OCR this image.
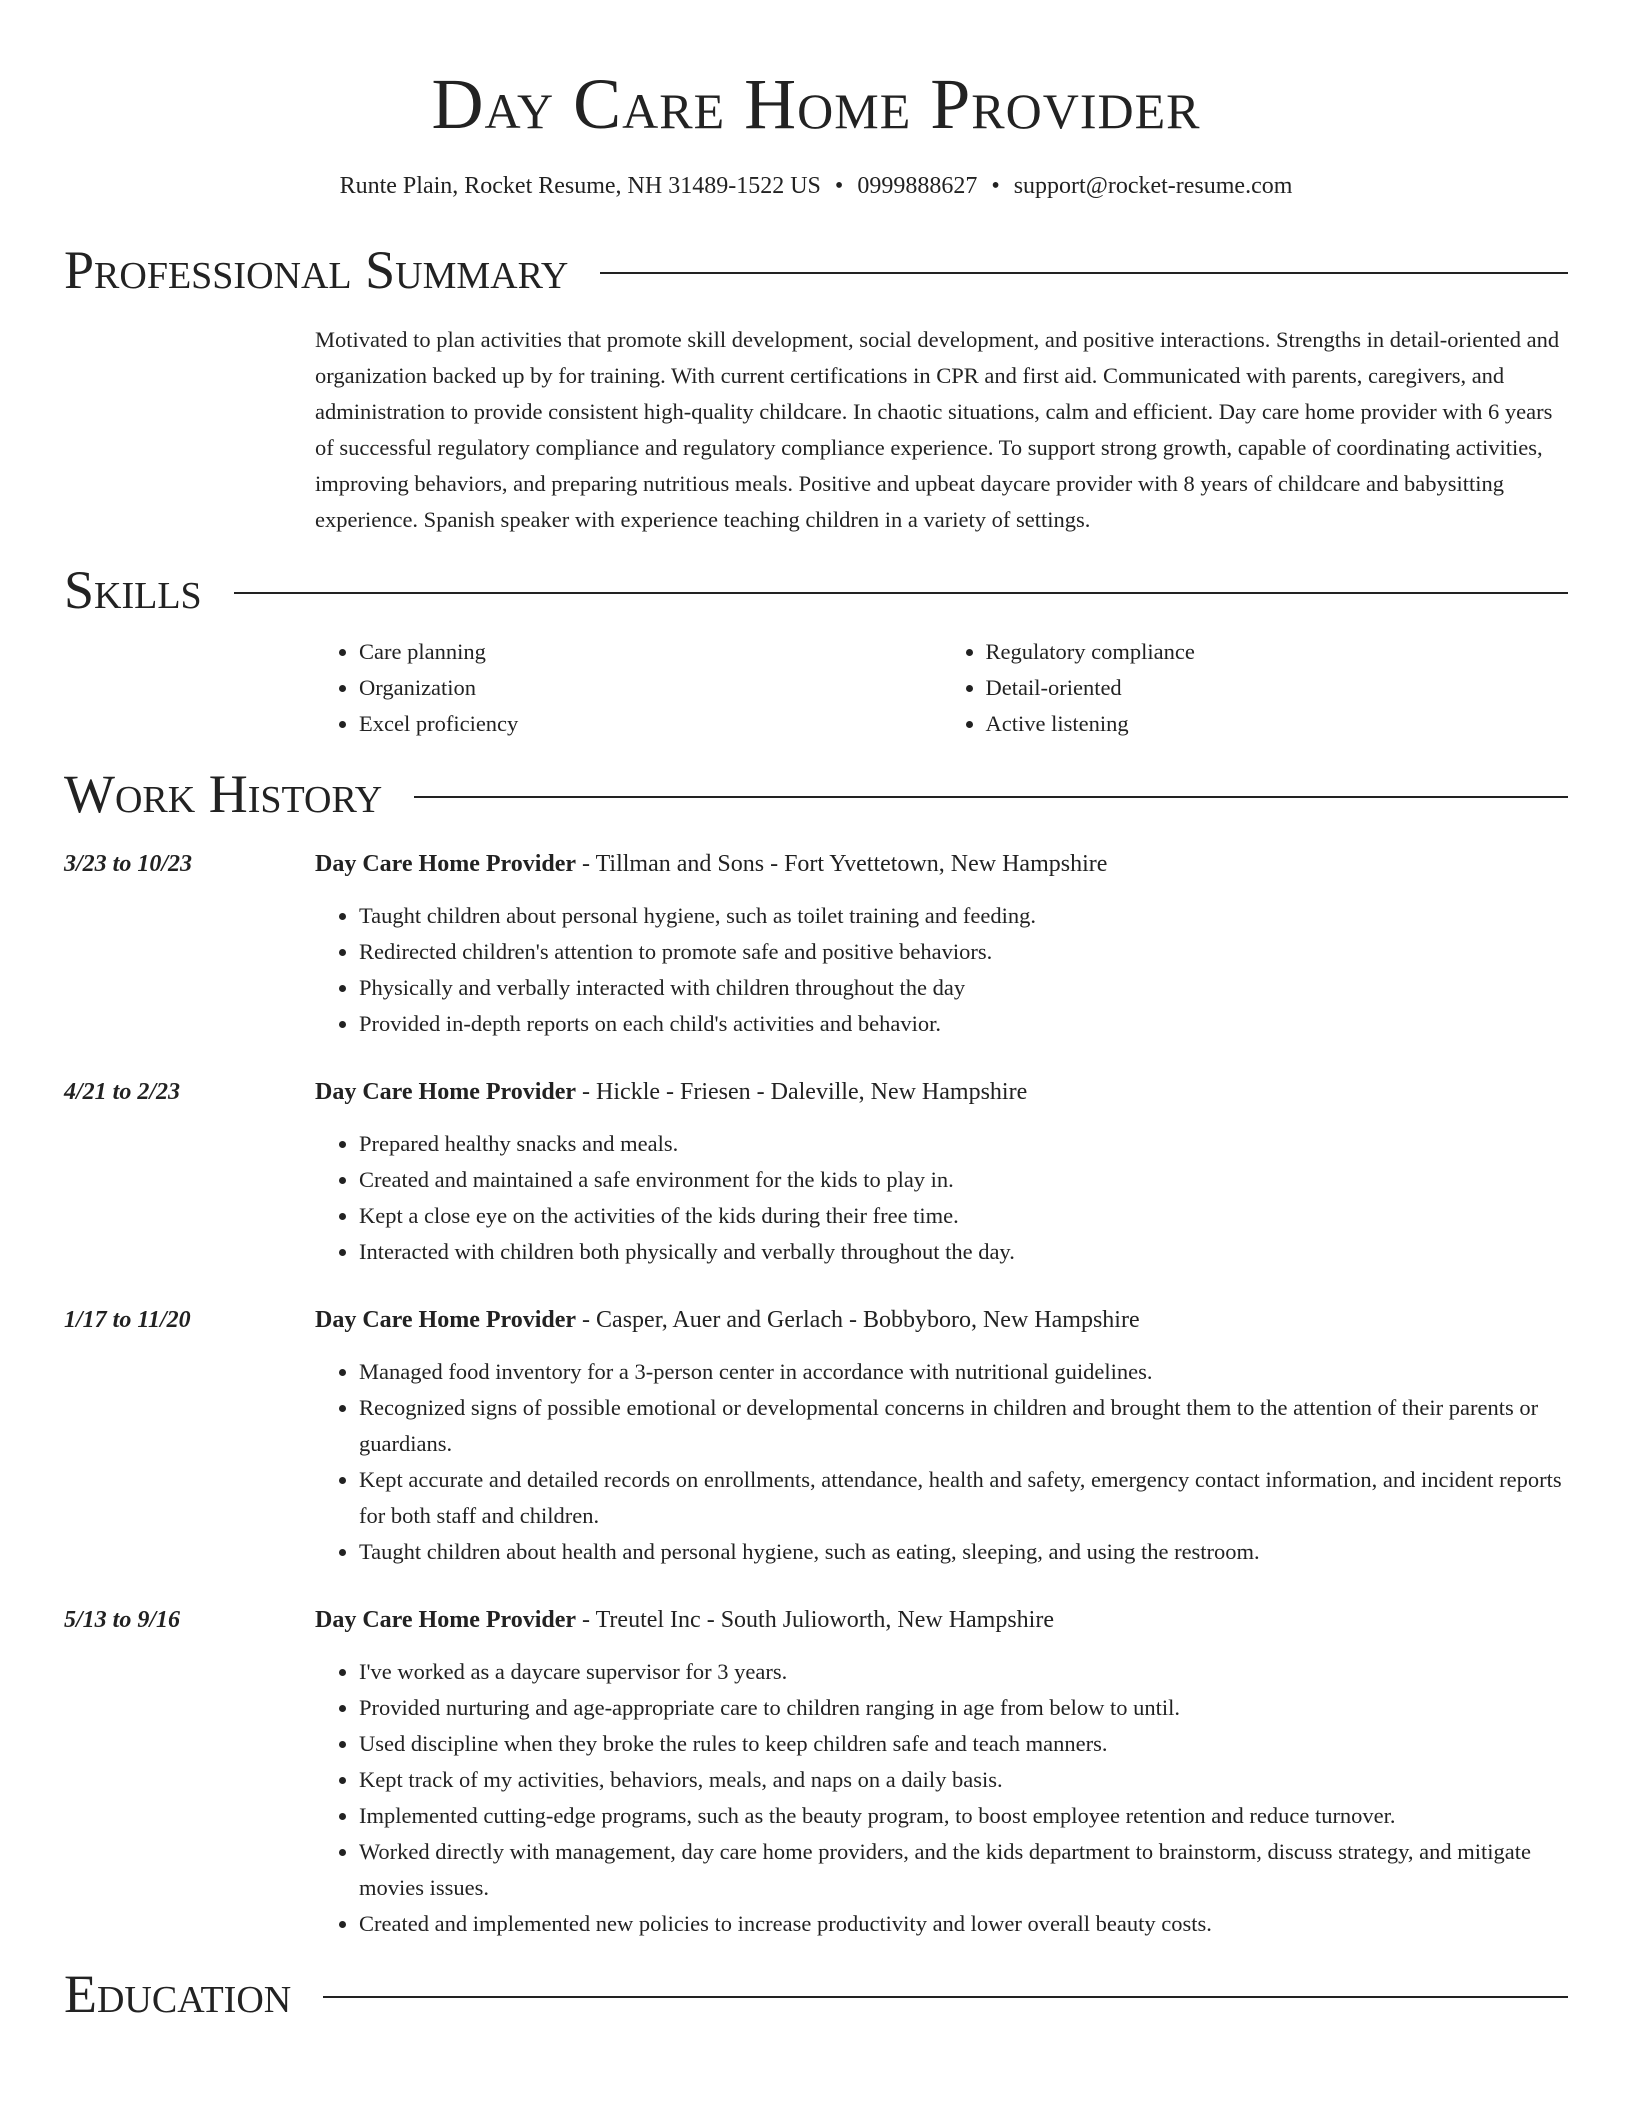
Day Care Home Provider
Runte Plain, Rocket Resume, NH 31489-1522 US • 0999888627 • support@rocket-resume.com
Professional Summary
Motivated to plan activities that promote skill development, social development, and positive interactions. Strengths in detail-oriented and organization backed up by for training. With current certifications in CPR and first aid. Communicated with parents, caregivers, and administration to provide consistent high-quality childcare. In chaotic situations, calm and efficient. Day care home provider with 6 years of successful regulatory compliance and regulatory compliance experience. To support strong growth, capable of coordinating activities, improving behaviors, and preparing nutritious meals. Positive and upbeat daycare provider with 8 years of childcare and babysitting experience. Spanish speaker with experience teaching children in a variety of settings.
Skills
• Care planning
• Organization
• Excel proficiency
• Regulatory compliance
• Detail-oriented
• Active listening
Work History
3/23 to 10/23	Day Care Home Provider - Tillman and Sons - Fort Yvettetown, New Hampshire
• Taught children about personal hygiene, such as toilet training and feeding.
• Redirected children's attention to promote safe and positive behaviors.
• Physically and verbally interacted with children throughout the day
• Provided in-depth reports on each child's activities and behavior.
4/21 to 2/23	Day Care Home Provider - Hickle - Friesen - Daleville, New Hampshire
• Prepared healthy snacks and meals.
• Created and maintained a safe environment for the kids to play in.
• Kept a close eye on the activities of the kids during their free time.
• Interacted with children both physically and verbally throughout the day.
1/17 to 11/20	Day Care Home Provider - Casper, Auer and Gerlach - Bobbyboro, New Hampshire
• Managed food inventory for a 3-person center in accordance with nutritional guidelines.
• Recognized signs of possible emotional or developmental concerns in children and brought them to the attention of their parents or guardians.
• Kept accurate and detailed records on enrollments, attendance, health and safety, emergency contact information, and incident reports for both staff and children.
• Taught children about health and personal hygiene, such as eating, sleeping, and using the restroom.
5/13 to 9/16	Day Care Home Provider - Treutel Inc - South Julioworth, New Hampshire
• I've worked as a daycare supervisor for 3 years.
• Provided nurturing and age-appropriate care to children ranging in age from below to until.
• Used discipline when they broke the rules to keep children safe and teach manners.
• Kept track of my activities, behaviors, meals, and naps on a daily basis.
• Implemented cutting-edge programs, such as the beauty program, to boost employee retention and reduce turnover.
• Worked directly with management, day care home providers, and the kids department to brainstorm, discuss strategy, and mitigate movies issues.
• Created and implemented new policies to increase productivity and lower overall beauty costs.
Education
